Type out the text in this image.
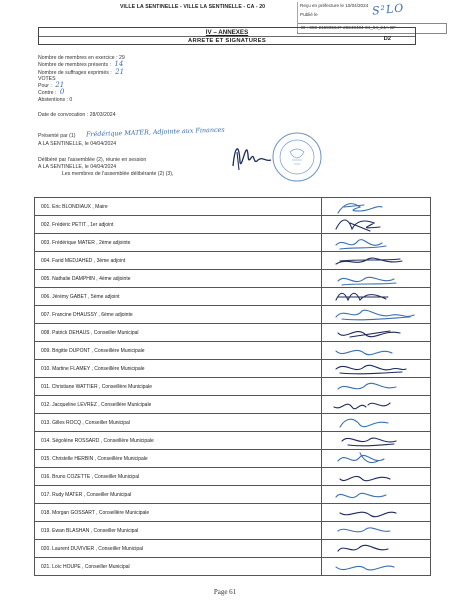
VILLE LA SENTINELLE - VILLE LA SENTINELLE - CA - 20	Reçu en préfecture le 10/04/2024
Publié le
ID : 059-215905647-20240404-04_04_24A-BF
S²LO
IV – ANNEXES
ARRETE ET SIGNATURES	D2
Nombre de membres en exercice : 29
Nombre de membres présents : 14
Nombre de suffrages exprimés : 21
VOTES
Pour : 21
Contre : 0
Abstentions : 0
Date de convocation : 28/03/2024
Présenté par (1) Frédérique MATER, Adjointe aux Finances
A LA SENTINELLE, le 04/04/2024
Délibéré par l'assemblée (2), réunie en session
A LA SENTINELLE, le 04/04/2024
Les membres de l'assemblée délibérante (2) (3),
001. Eric BLONDIAUX , Maire	

002. Frédéric PETIT , 1er adjoint	

003. Frédérique MATER , 2ème adjointe	

004. Farid MEDJAHED , 3ème adjoint	

005. Nathalie DAMPHIN , 4ème adjointe	

006. Jérémy GABET , 5ème adjoint	

007. Francine DHAUSSY , 6ème adjointe	

008. Patrick DEHAUS , Conseiller Municipal	

009. Brigitte DUPONT , Conseillère Municipale	

010. Martine FLAMEY , Conseillère Municipale	

011. Christiane WATTIER , Conseillère Municipale	

012. Jacqueline LEVREZ , Conseillère Municipale	

013. Gilles ROCQ , Conseiller Municipal	

014. Ségolène ROSSARD , Conseillère Municipale	

015. Christelle HERBIN , Conseillère Municipale	

016. Bruno COZETTE , Conseiller Municipal	

017. Rudy MATER , Conseiller Municipal	

018. Morgan GOSSART , Conseillère Municipale	

019. Ewan BLASHAN , Conseiller Municipal	

020. Laurent DUVIVIER , Conseiller Municipal	

021. Loïc HOUPE , Conseiller Municipal	
Page 61
